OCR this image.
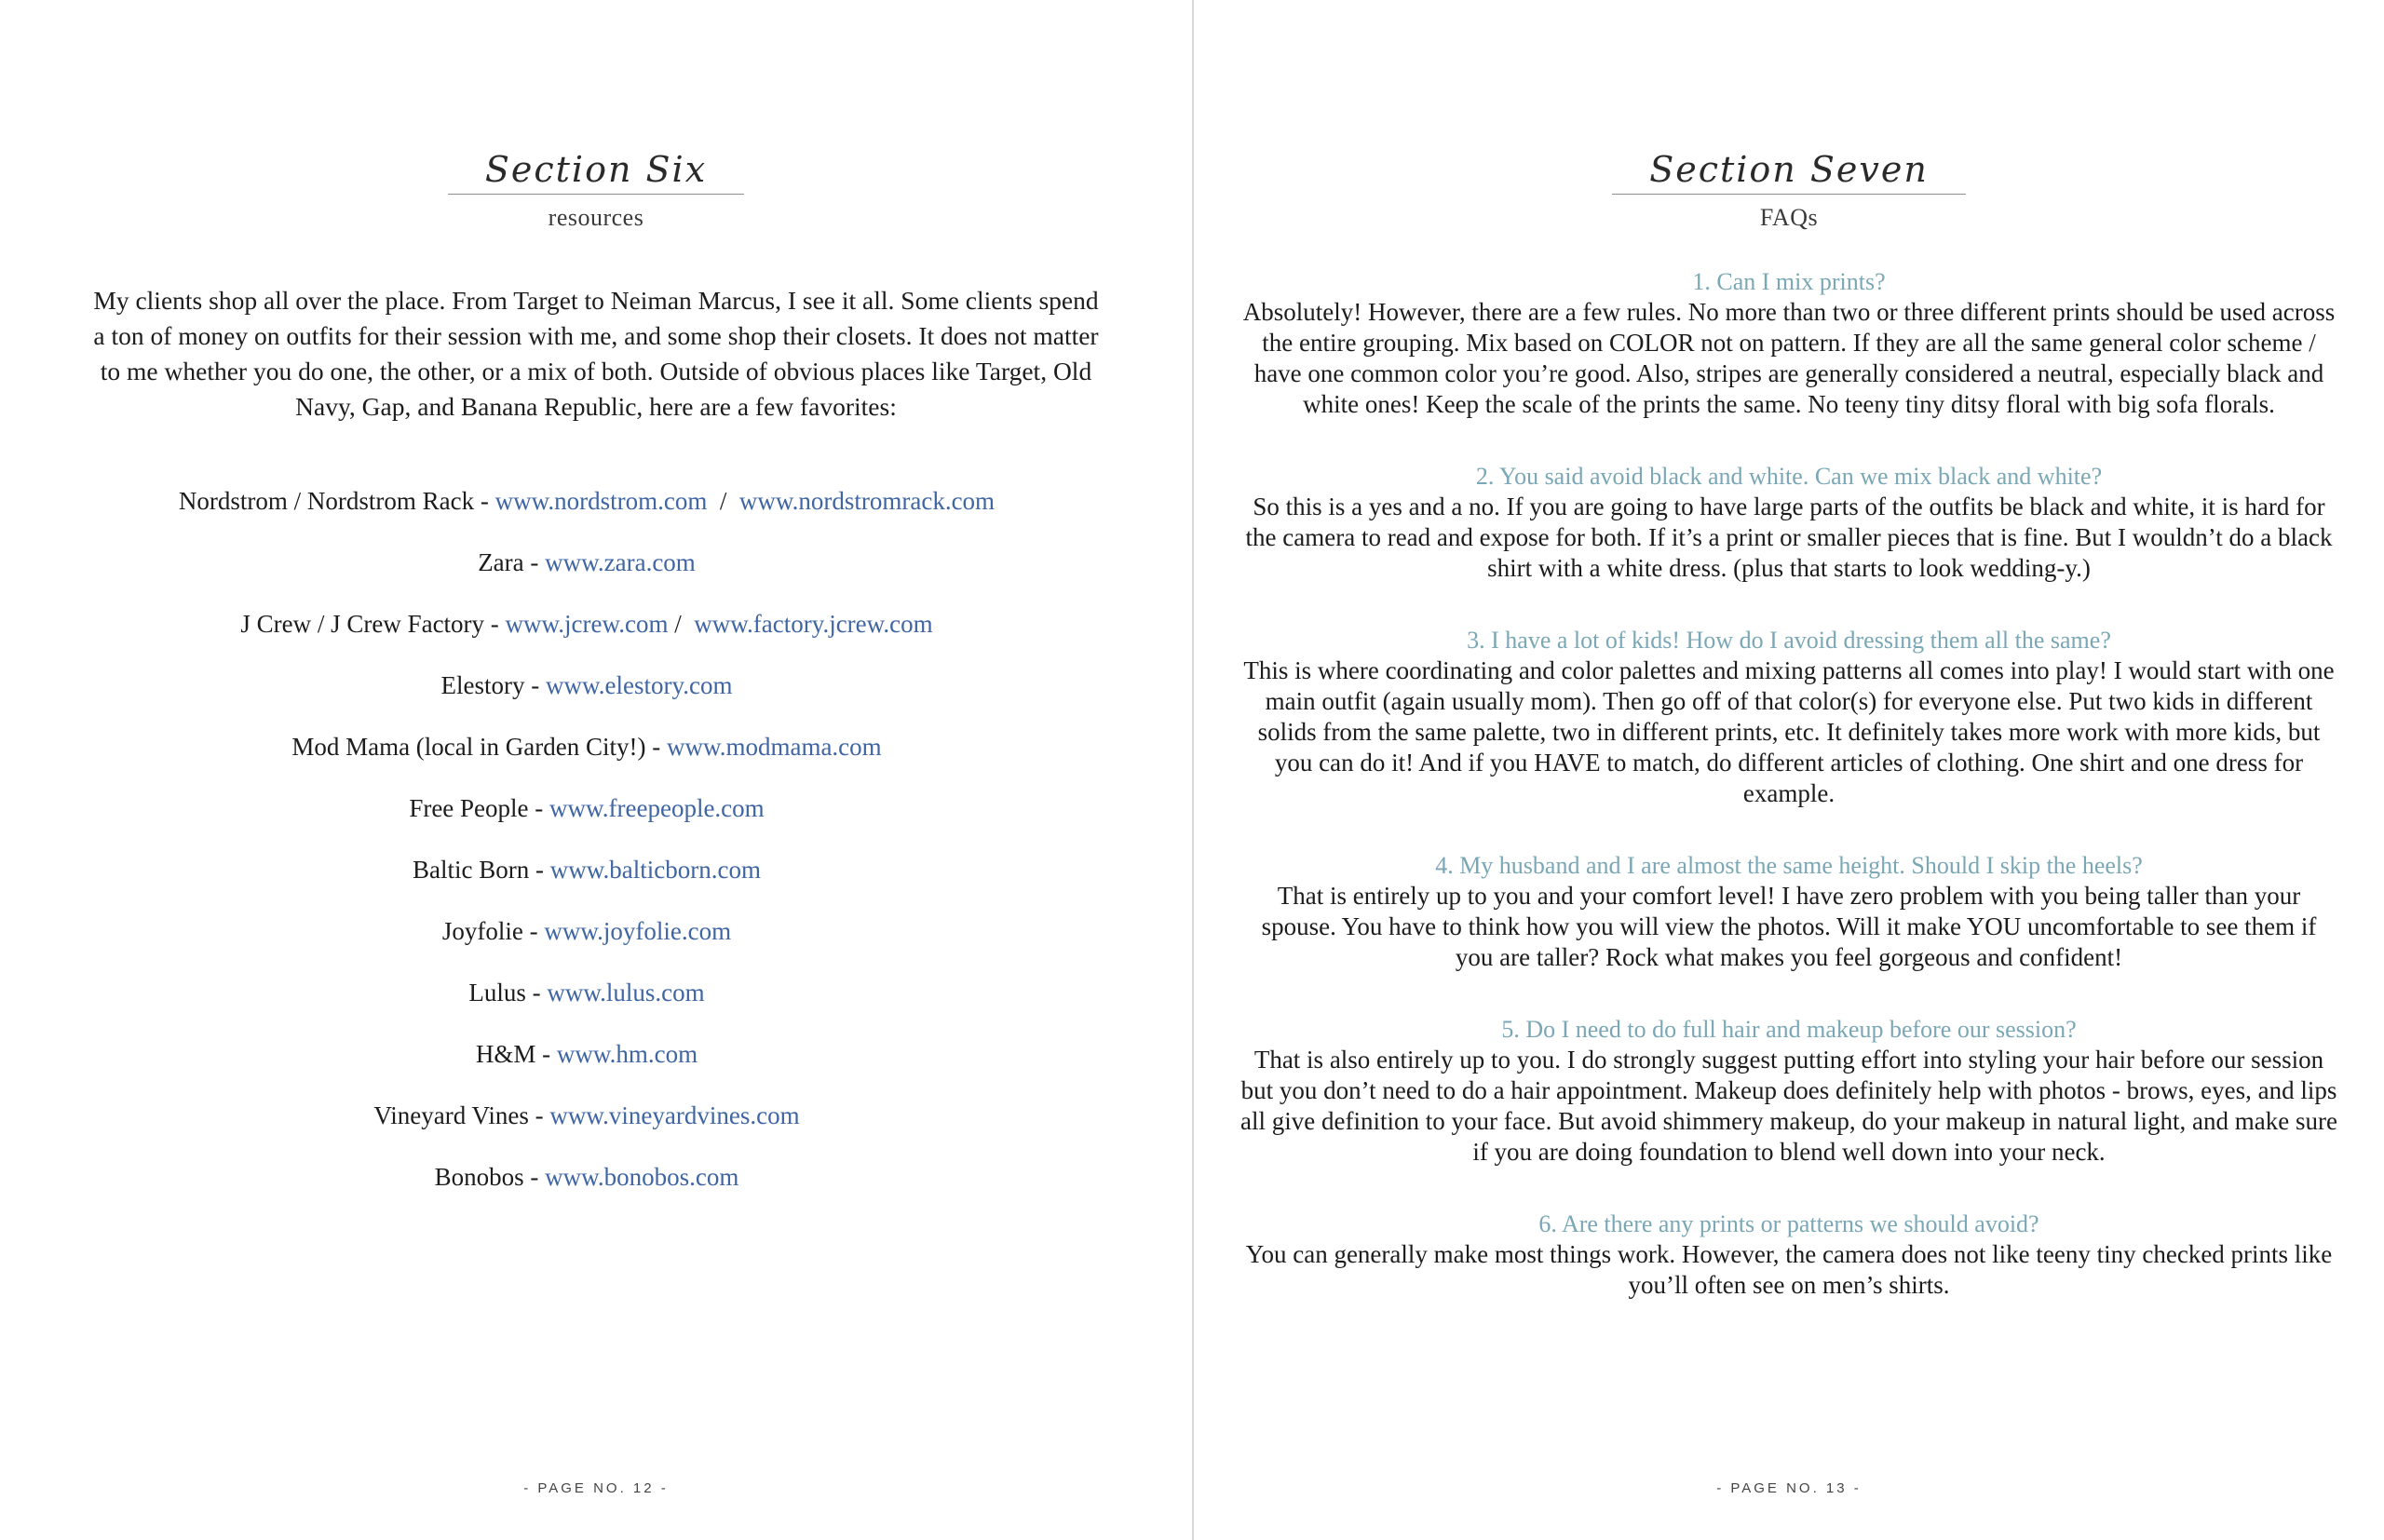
Section Six
resources
My clients shop all over the place. From Target to Neiman Marcus, I see it all. Some clients spend a ton of money on outfits for their session with me, and some shop their closets. It does not matter to me whether you do one, the other, or a mix of both. Outside of obvious places like Target, Old Navy, Gap, and Banana Republic, here are a few favorites:
Nordstrom / Nordstrom Rack - www.nordstrom.com  /  www.nordstromrack.com
Zara - www.zara.com
J Crew / J Crew Factory - www.jcrew.com /  www.factory.jcrew.com
Elestory - www.elestory.com
Mod Mama (local in Garden City!) - www.modmama.com
Free People - www.freepeople.com
Baltic Born - www.balticborn.com
Joyfolie - www.joyfolie.com
Lulus - www.lulus.com
H&M - www.hm.com
Vineyard Vines - www.vineyardvines.com
Bonobos - www.bonobos.com
- PAGE NO. 12 -
Section Seven
FAQs
1. Can I mix prints?
Absolutely! However, there are a few rules. No more than two or three different prints should be used across the entire grouping. Mix based on COLOR not on pattern. If they are all the same general color scheme / have one common color you’re good. Also, stripes are generally considered a neutral, especially black and white ones! Keep the scale of the prints the same. No teeny tiny ditsy floral with big sofa florals.
2. You said avoid black and white. Can we mix black and white?
So this is a yes and a no. If you are going to have large parts of the outfits be black and white, it is hard for the camera to read and expose for both. If it’s a print or smaller pieces that is fine. But I wouldn’t do a black shirt with a white dress. (plus that starts to look wedding-y.)
3. I have a lot of kids! How do I avoid dressing them all the same?
This is where coordinating and color palettes and mixing patterns all comes into play! I would start with one main outfit (again usually mom). Then go off of that color(s) for everyone else. Put two kids in different solids from the same palette, two in different prints, etc. It definitely takes more work with more kids, but you can do it! And if you HAVE to match, do different articles of clothing. One shirt and one dress for example.
4. My husband and I are almost the same height. Should I skip the heels?
That is entirely up to you and your comfort level! I have zero problem with you being taller than your spouse. You have to think how you will view the photos. Will it make YOU uncomfortable to see them if you are taller? Rock what makes you feel gorgeous and confident!
5. Do I need to do full hair and makeup before our session?
That is also entirely up to you. I do strongly suggest putting effort into styling your hair before our session but you don’t need to do a hair appointment. Makeup does definitely help with photos - brows, eyes, and lips all give definition to your face. But avoid shimmery makeup, do your makeup in natural light, and make sure if you are doing foundation to blend well down into your neck.
6. Are there any prints or patterns we should avoid?
You can generally make most things work. However, the camera does not like teeny tiny checked prints like you’ll often see on men’s shirts.
- PAGE NO. 13 -
